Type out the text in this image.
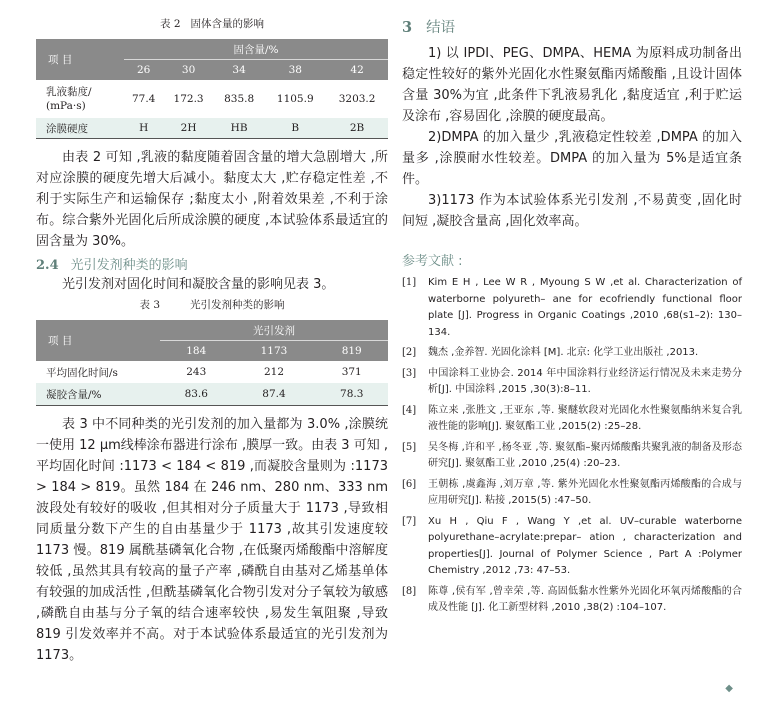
表 2 固体含量的影响
项 目	固含量/%				
	26	30	34	38	42
乳液黏度/
(mPa·s)	77.4	172.3	835.8	1105.9	3203.2
涂膜硬度	H	2H	HB	B	2B

由表 2 可知 ,乳液的黏度随着固含量的增大急剧增大 ,所对应涂膜的硬度先增大后减小。黏度太大 ,贮存稳定性差 ,不利于实际生产和运输保存 ;黏度太小 ,附着效果差 ,不利于涂布。综合紫外光固化后所成涂膜的硬度 ,本试验体系最适宜的固含量为 30%。

2.4 光引发剂种类的影响

光引发剂对固化时间和凝胶含量的影响见表 3。

表 3	光引发剂种类的影响
项 目	光引发剂		
	184	1173	819
平均固化时间/s	243	212	371
凝胶含量/%	83.6	87.4	78.3

表 3 中不同种类的光引发剂的加入量都为 3.0% ,涂膜统一使用 12 μm线棒涂布器进行涂布 ,膜厚一致。由表 3 可知 ,平均固化时间 :1173 < 184 < 819 ,而凝胶含量则为 :1173 > 184 > 819。虽然 184 在 246 nm、280 nm、333 nm 波段处有较好的吸收 ,但其相对分子质量大于 1173 ,导致相同质量分数下产生的自由基量少于 1173 ,故其引发速度较 1173 慢。819 属酰基磷氧化合物 ,在低聚丙烯酸酯中溶解度较低 ,虽然其具有较高的量子产率 ,磷酰自由基对乙烯基单体有较强的加成活性 ,但酰基磷氧化合物引发对分子氧较为敏感 ,磷酰自由基与分子氧的结合速率较快 ,易发生氧阻聚 ,导致 819 引发效率并不高。对于本试验体系最适宜的光引发剂为 1173。

3 结语

1) 以 IPDI、PEG、DMPA、HEMA 为原料成功制备出稳定性较好的紫外光固化水性聚氨酯丙烯酸酯 ,且设计固体含量 30%为宜 ,此条件下乳液易乳化 ,黏度适宜 ,利于贮运及涂布 ,容易固化 ,涂膜的硬度最高。

2)DMPA 的加入量少 ,乳液稳定性较差 ,DMPA 的加入量多 ,涂膜耐水性较差。DMPA 的加入量为 5%是适宜条件。

3)1173 作为本试验体系光引发剂 ,不易黄变 ,固化时间短 ,凝胶含量高 ,固化效率高。

参考文献 :
[1]	Kim E H , Lee W R , Myoung S W ,et al. Characterization of waterborne polyureth– ane for ecofriendly functional floor plate [J]. Progress in Organic Coatings ,2010 ,68(s1–2): 130–134.
[2]	魏杰 ,金养智. 光固化涂料 [M]. 北京: 化学工业出版社 ,2013.
[3]	中国涂料工业协会. 2014 年中国涂料行业经济运行情况及未来走势分析[J]. 中国涂料 ,2015 ,30(3):8–11.
[4]	陈立来 ,张胜文 ,王亚东 ,等. 聚醚软段对光固化水性聚氨酯纳米复合乳液性能的影响[J]. 聚氨酯工业 ,2015(2) :25–28.
[5]	吴冬梅 ,许和平 ,杨冬亚 ,等. 聚氨酯–聚丙烯酸酯共聚乳液的制备及形态研究[J]. 聚氨酯工业 ,2010 ,25(4) :20–23.
[6]	王朝栋 ,虞鑫海 ,刘万章 ,等. 紫外光固化水性聚氨酯丙烯酸酯的合成与应用研究[J]. 粘接 ,2015(5) :47–50.
[7]	Xu H , Qiu F , Wang Y ,et al. UV–curable waterborne polyurethane–acrylate:prepar– ation , characterization and properties[J]. Journal of Polymer Science , Part A :Polymer Chemistry ,2012 ,73: 47–53.
[8]	陈尊 ,侯有军 ,曾幸荣 ,等. 高固低黏水性紫外光固化环氧丙烯酸酯的合成及性能 [J]. 化工新型材料 ,2010 ,38(2) :104–107.
◆
